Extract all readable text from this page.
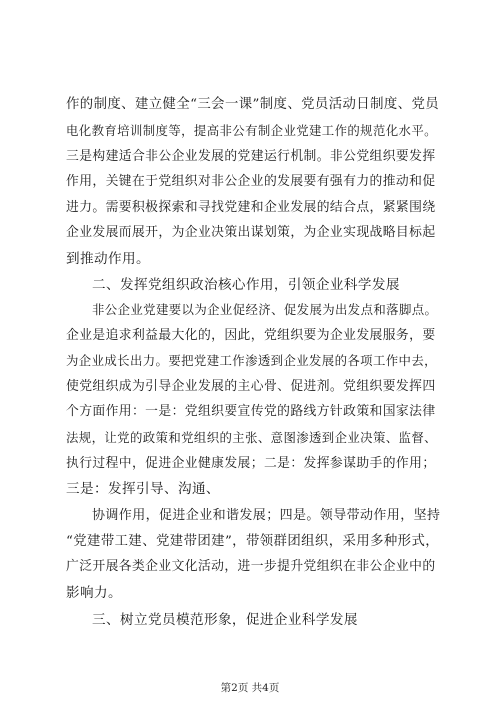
作的制度、建立健全“三会一课”制度、党员活动日制度、党员
电化教育培训制度等，提高非公有制企业党建工作的规范化水平。
三是构建适合非公企业发展的党建运行机制。非公党组织要发挥
作用，关键在于党组织对非公企业的发展要有强有力的推动和促
进力。需要积极探索和寻找党建和企业发展的结合点，紧紧围绕
企业发展而展开，为企业决策出谋划策，为企业实现战略目标起
到推动作用。
二、发挥党组织政治核心作用，引领企业科学发展
非公企业党建要以为企业促经济、促发展为出发点和落脚点。
企业是追求利益最大化的，因此，党组织要为企业发展服务，要
为企业成长出力。要把党建工作渗透到企业发展的各项工作中去，
使党组织成为引导企业发展的主心骨、促进剂。党组织要发挥四
个方面作用：一是：党组织要宣传党的路线方针政策和国家法律
法规，让党的政策和党组织的主张、意图渗透到企业决策、监督、
执行过程中，促进企业健康发展；二是：发挥参谋助手的作用；
三是：发挥引导、沟通、
协调作用，促进企业和谐发展；四是。领导带动作用，坚持
“党建带工建、党建带团建”，带领群团组织，采用多种形式，
广泛开展各类企业文化活动，进一步提升党组织在非公企业中的
影响力。
三、树立党员模范形象，促进企业科学发展
第2页 共4页
